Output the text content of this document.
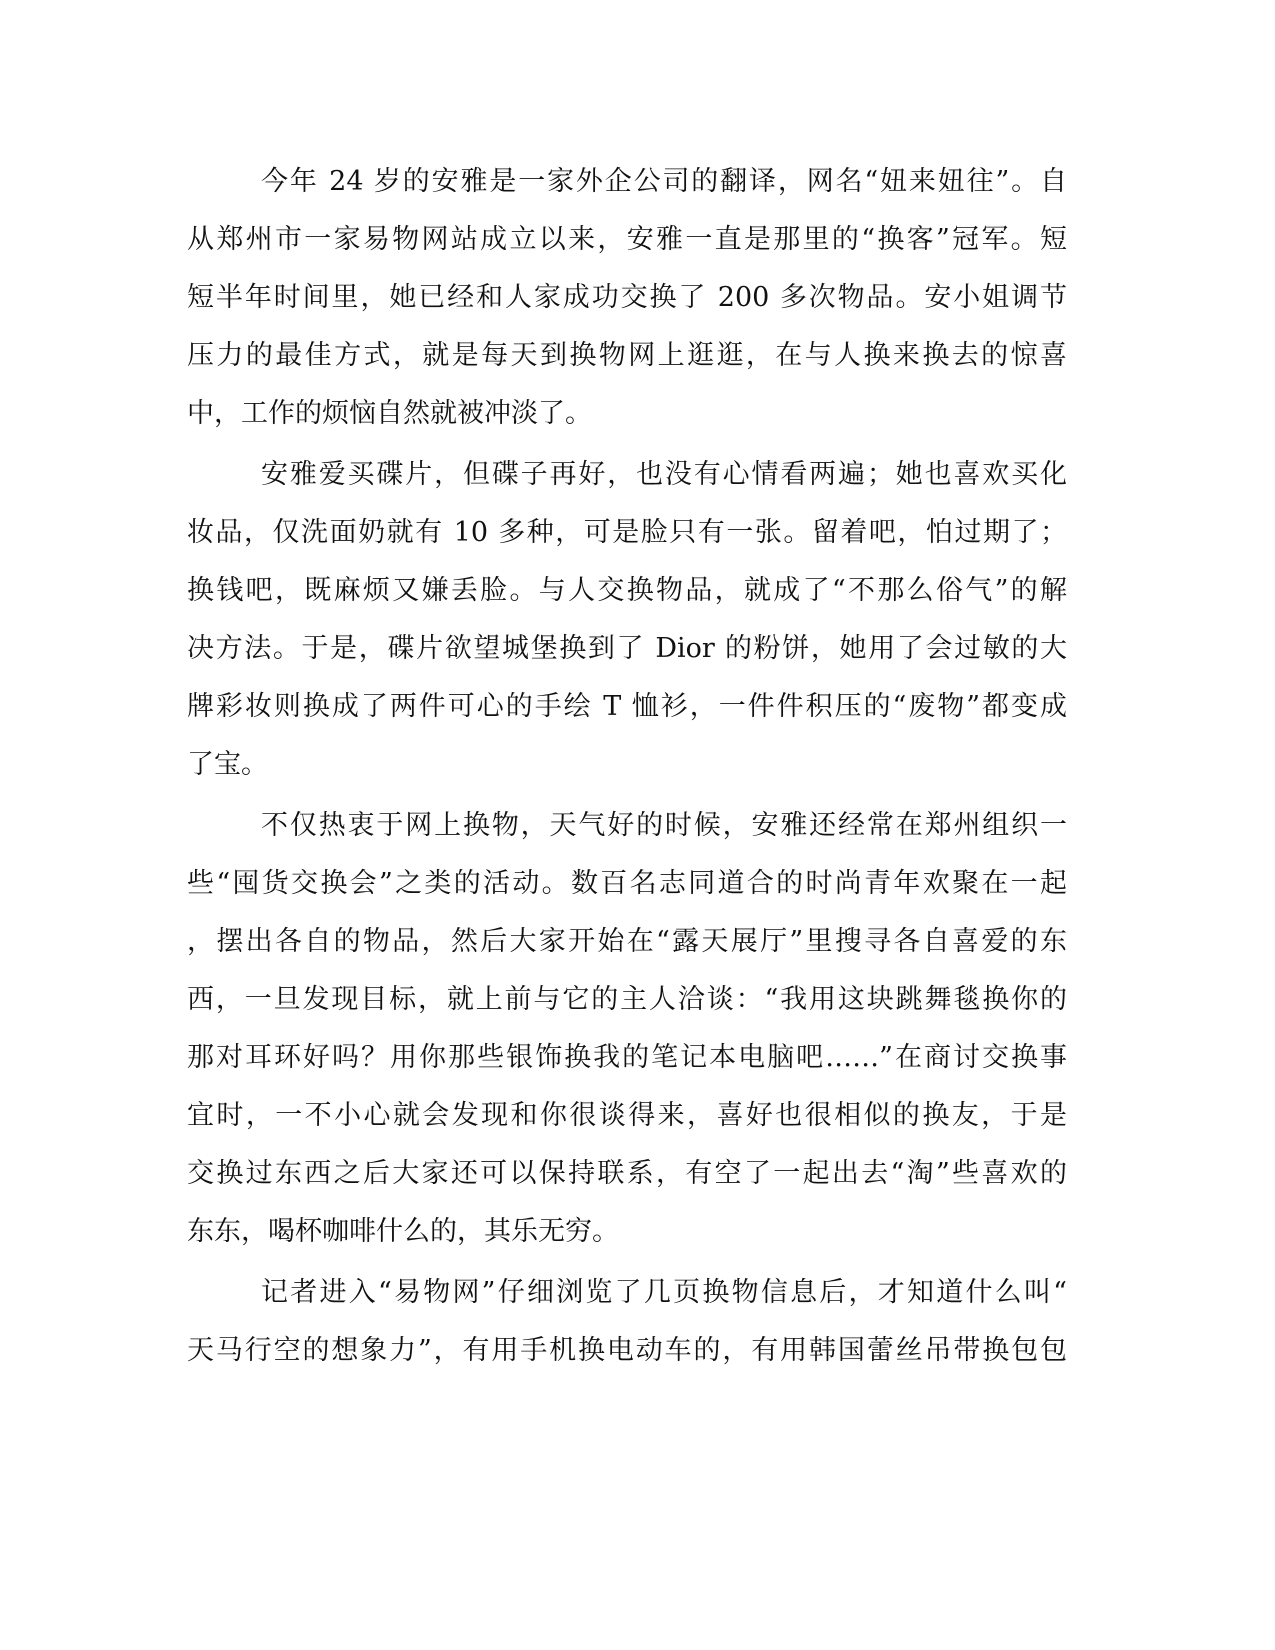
今年 24 岁的安雅是一家外企公司的翻译，网名“妞来妞往”。自
从郑州市一家易物网站成立以来，安雅一直是那里的“换客”冠军。短
短半年时间里，她已经和人家成功交换了 200 多次物品。安小姐调节
压力的最佳方式，就是每天到换物网上逛逛，在与人换来换去的惊喜
中，工作的烦恼自然就被冲淡了。
安雅爱买碟片，但碟子再好，也没有心情看两遍；她也喜欢买化
妆品，仅洗面奶就有 10 多种，可是脸只有一张。留着吧，怕过期了；
换钱吧，既麻烦又嫌丢脸。与人交换物品，就成了“不那么俗气”的解
决方法。于是，碟片欲望城堡换到了 Dior 的粉饼，她用了会过敏的大
牌彩妆则换成了两件可心的手绘 T 恤衫，一件件积压的“废物”都变成
了宝。
不仅热衷于网上换物，天气好的时候，安雅还经常在郑州组织一
些“囤货交换会”之类的活动。数百名志同道合的时尚青年欢聚在一起
，摆出各自的物品，然后大家开始在“露天展厅”里搜寻各自喜爱的东
西，一旦发现目标，就上前与它的主人洽谈：“我用这块跳舞毯换你的
那对耳环好吗？用你那些银饰换我的笔记本电脑吧……”在商讨交换事
宜时，一不小心就会发现和你很谈得来，喜好也很相似的换友，于是
交换过东西之后大家还可以保持联系，有空了一起出去“淘”些喜欢的
东东，喝杯咖啡什么的，其乐无穷。
记者进入“易物网”仔细浏览了几页换物信息后，才知道什么叫“
天马行空的想象力”，有用手机换电动车的，有用韩国蕾丝吊带换包包
